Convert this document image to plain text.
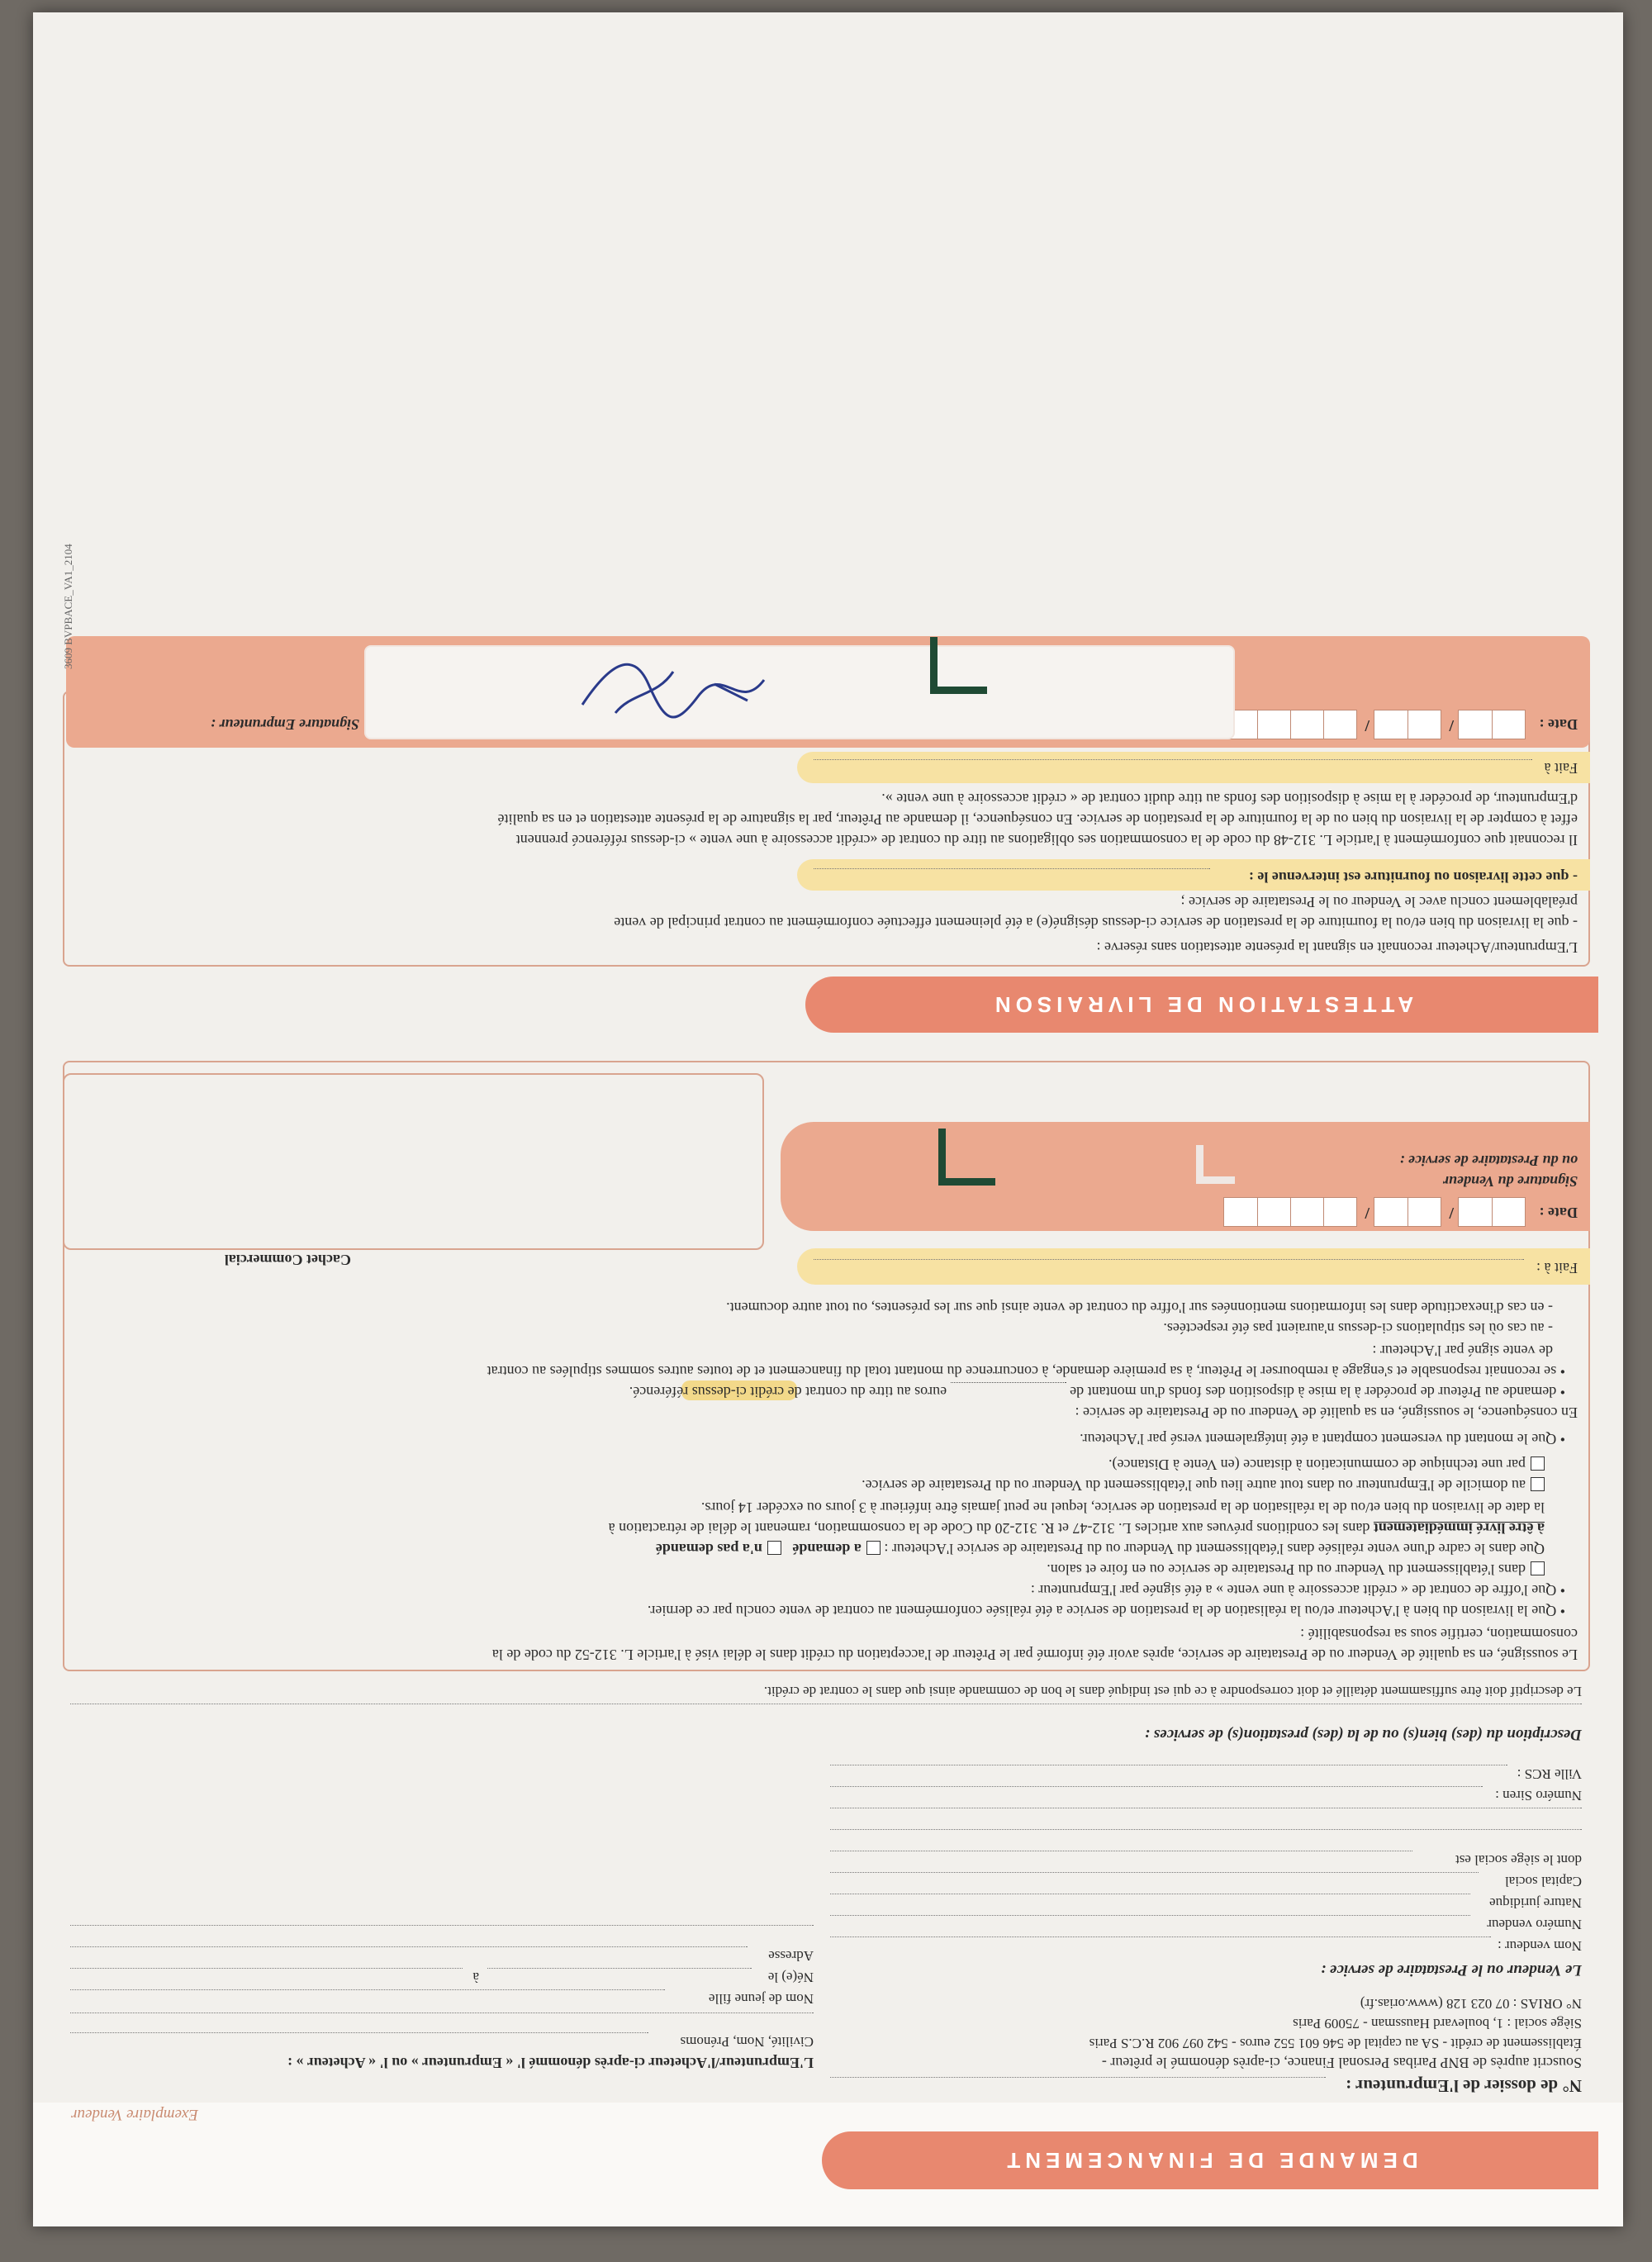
DEMANDE DE FINANCEMENT
Exemplaire Vendeur
N° de dossier de l'Emprunteur :
Souscrit auprès de BNP Paribas Personal Finance, ci-après dénommé le prêteur -
Établissement de crédit - SA au capital de 546 601 552 euros - 542 097 902 R.C.S Paris
Siège social : 1, boulevard Haussman - 75009 Paris
N° ORIAS : 07 023 128 (www.orias.fr)
L'Emprunteur/l'Acheteur ci-après dénommé l' « Emprunteur » ou l' « Acheteur » :
Civilité, Nom, Prénoms
Nom de jeune fille
Né(e) le
à
Adresse
Le Vendeur ou le Prestataire de service :
Nom vendeur :
Numéro vendeur
Nature juridique
Capital social
dont le siège social est
Numéro Siren :
Ville RCS :
Description du (des) bien(s) ou de la (des) prestation(s) de services :
Le descriptif doit être suffisamment détaillé et doit correspondre à ce qui est indiqué dans le bon de commande ainsi que dans le contrat de crédit.
Le soussigné, en sa qualité de Vendeur ou de Prestataire de service, après avoir été informé par le Prêteur de l'acceptation du crédit dans le délai visé à l'article L. 312-52 du code de la
consommation, certifie sous sa responsabilité :
• Que la livraison du bien à l'Acheteur et/ou la réalisation de la prestation de service a été réalisée conformément au contrat de vente conclu par ce dernier.
• Que l'offre de contrat de « crédit accessoire à une vente » a été signée par l'Emprunteur :
dans l'établissement du Vendeur ou du Prestataire de service ou en foire et salon.
Que dans le cadre d'une vente réalisée dans l'établissement du Vendeur ou du Prestataire de service l'Acheteur : a demandé   n'a pas demandé
à être livré immédiatement dans les conditions prévues aux articles L. 312-47 et R. 312-20 du Code de la consommation, ramenant le délai de rétractation à
la date de livraison du bien et/ou de la réalisation de la prestation de service, lequel ne peut jamais être inférieur à 3 jours ou excéder 14 jours.
au domicile de l'Emprunteur ou dans tout autre lieu que l'établissement du Vendeur ou du Prestataire de service.
par une technique de communication à distance (en Vente à Distance).
• Que le montant du versement comptant a été intégralement versé par l'Acheteur.
En conséquence, le soussigné, en sa qualité de Vendeur ou de Prestataire de service :
• demande au Prêteur de procéder à la mise à disposition des fonds d'un montant de   euros au titre du contrat de crédit ci-dessus référencé.
• se reconnait responsable et s'engage à rembourser le Prêteur, à sa première demande, à concurrence du montant total du financement et de toutes autres sommes stipulées au contrat
de vente signé par l'Acheteur :
- au cas où les stipulations ci-dessus n'auraient pas été respectées.
- en cas d'inexactitude dans les informations mentionnées sur l'offre du contrat de vente ainsi que sur les présentes, ou tout autre document.
Fait à :
Cachet Commercial
Date :
/
/
Signature du Vendeur
ou du Prestataire de service :
ATTESTATION DE LIVRAISON
L'Emprunteur/Acheteur reconnaît en signant la présente attestation sans réserve :
- que la livraison du bien et/ou la fourniture de la prestation de service ci-dessus désigné(e) a été pleinement effectuée conformément au contrat principal de vente
préalablement conclu avec le Vendeur ou le Prestataire de service ;
- que cette livraison ou fourniture est intervenue le :
Il reconnait que conformément à l'article L. 312-48 du code de la consommation ses obligations au titre du contrat de «crédit accessoire à une vente » ci-dessus référencé prennent
effet à compter de la livraison du bien ou de la fourniture de la prestation de service. En conséquence, il demande au Prêteur, par la signature de la présente attestation et en sa qualité
d'Emprunteur, de procéder à la mise à disposition des fonds au titre dudit contrat de « crédit accessoire à une vente ».
Fait à
Date :
/
/
Signature Emprunteur :
3609 BVPBACE_VA1_2104
